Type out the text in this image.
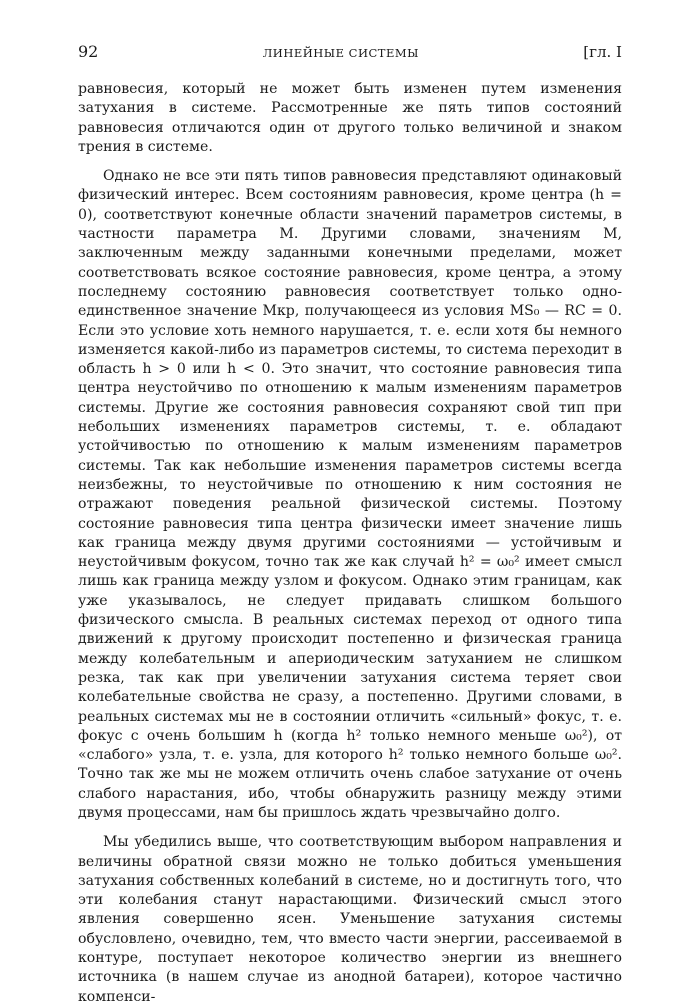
92	ЛИНЕЙНЫЕ СИСТЕМЫ	[гл. I

равновесия, который не может быть изменен путем изменения затухания в системе. Рассмотренные же пять типов состояний равновесия отличаются один от другого только величиной и знаком трения в системе.

Однако не все эти пять типов равновесия представляют одинаковый физический интерес. Всем состояниям равновесия, кроме центра (h = 0), соответствуют конечные области значений параметров системы, в частности параметра M. Другими словами, значениям M, заключенным между заданными конечными пределами, может соответствовать всякое состояние равновесия, кроме центра, а этому последнему состоянию равновесия соответствует только одно-единственное значение Mкр, получающееся из условия MS₀ — RC = 0. Если это условие хоть немного нарушается, т. е. если хотя бы немного изменяется какой-либо из параметров системы, то система переходит в область h > 0 или h < 0. Это значит, что состояние равновесия типа центра неустойчиво по отношению к малым изменениям параметров системы. Другие же состояния равновесия сохраняют свой тип при небольших изменениях параметров системы, т. е. обладают устойчивостью по отношению к малым изменениям параметров системы. Так как небольшие изменения параметров системы всегда неизбежны, то неустойчивые по отношению к ним состояния не отражают поведения реальной физической системы. Поэтому состояние равновесия типа центра физически имеет значение лишь как граница между двумя другими состояниями — устойчивым и неустойчивым фокусом, точно так же как случай h² = ω₀² имеет смысл лишь как граница между узлом и фокусом. Однако этим границам, как уже указывалось, не следует придавать слишком большого физического смысла. В реальных системах переход от одного типа движений к другому происходит постепенно и физическая граница между колебательным и апериодическим затуханием не слишком резка, так как при увеличении затухания система теряет свои колебательные свойства не сразу, а постепенно. Другими словами, в реальных системах мы не в состоянии отличить «сильный» фокус, т. е. фокус с очень большим h (когда h² только немного меньше ω₀²), от «слабого» узла, т. е. узла, для которого h² только немного больше ω₀². Точно так же мы не можем отличить очень слабое затухание от очень слабого нарастания, ибо, чтобы обнаружить разницу между этими двумя процессами, нам бы пришлось ждать чрезвычайно долго.

Мы убедились выше, что соответствующим выбором направления и величины обратной связи можно не только добиться уменьшения затухания собственных колебаний в системе, но и достигнуть того, что эти колебания станут нарастающими. Физический смысл этого явления совершенно ясен. Уменьшение затухания системы обусловлено, очевидно, тем, что вместо части энергии, рассеиваемой в контуре, поступает некоторое количество энергии из внешнего источника (в нашем случае из анодной батареи), которое частично компенси-
